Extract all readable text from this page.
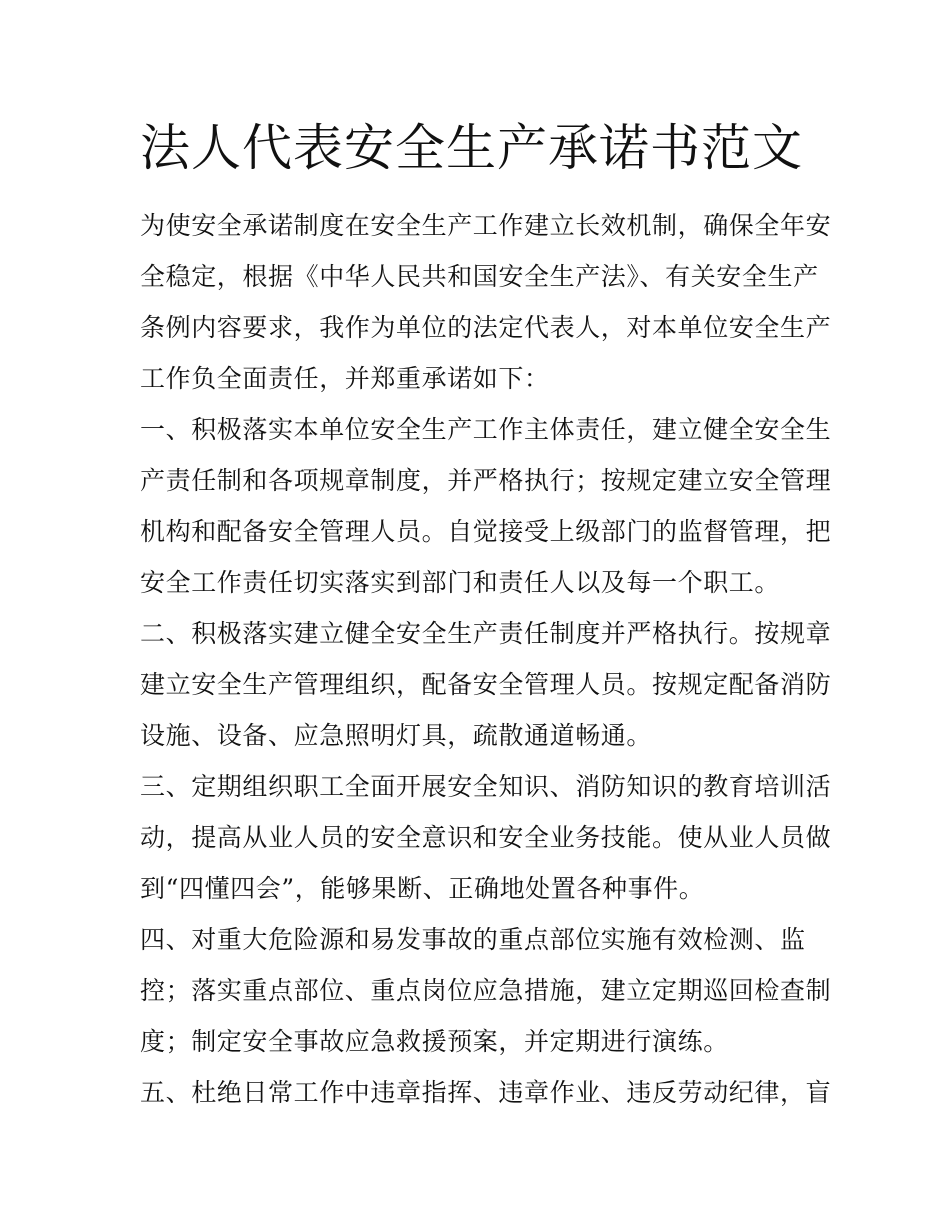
法人代表安全生产承诺书范文
为使安全承诺制度在安全生产工作建立长效机制，确保全年安
全稳定，根据《中华人民共和国安全生产法》、有关安全生产
条例内容要求，我作为单位的法定代表人，对本单位安全生产
工作负全面责任，并郑重承诺如下：
一、积极落实本单位安全生产工作主体责任，建立健全安全生
产责任制和各项规章制度，并严格执行；按规定建立安全管理
机构和配备安全管理人员。自觉接受上级部门的监督管理，把
安全工作责任切实落实到部门和责任人以及每一个职工。
二、积极落实建立健全安全生产责任制度并严格执行。按规章
建立安全生产管理组织，配备安全管理人员。按规定配备消防
设施、设备、应急照明灯具，疏散通道畅通。
三、定期组织职工全面开展安全知识、消防知识的教育培训活
动，提高从业人员的安全意识和安全业务技能。使从业人员做
到“四懂四会”，能够果断、正确地处置各种事件。
四、对重大危险源和易发事故的重点部位实施有效检测、监
控；落实重点部位、重点岗位应急措施，建立定期巡回检查制
度；制定安全事故应急救援预案，并定期进行演练。
五、杜绝日常工作中违章指挥、违章作业、违反劳动纪律，盲
